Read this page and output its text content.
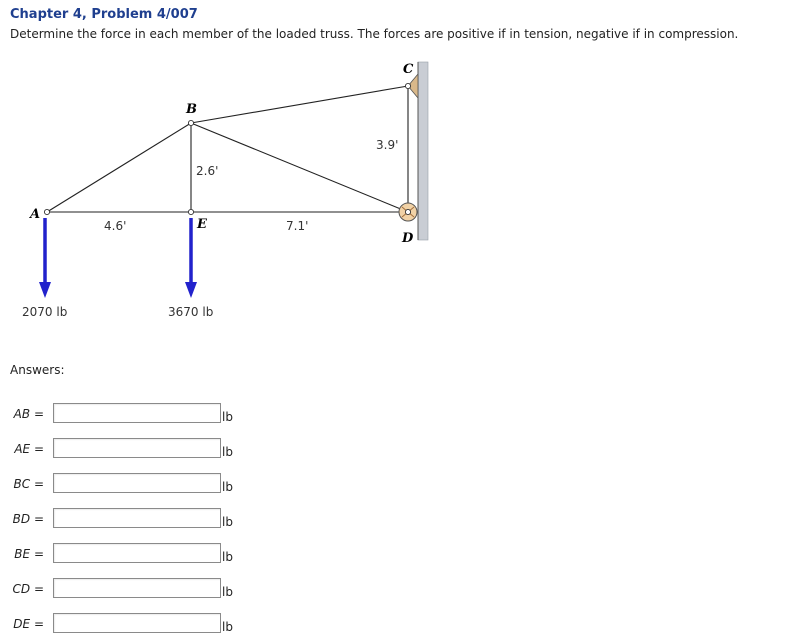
Chapter 4, Problem 4/007
Determine the force in each member of the loaded truss. The forces are positive if in tension, negative if in compression.
A
B
C
D
E
4.6'
2.6'
7.1'
3.9'
2070 lb	3670 lb
Answers:
AB =	lb
AE =	lb
BC =	lb
BD =	lb
BE =	lb
CD =	lb
DE =	lb
